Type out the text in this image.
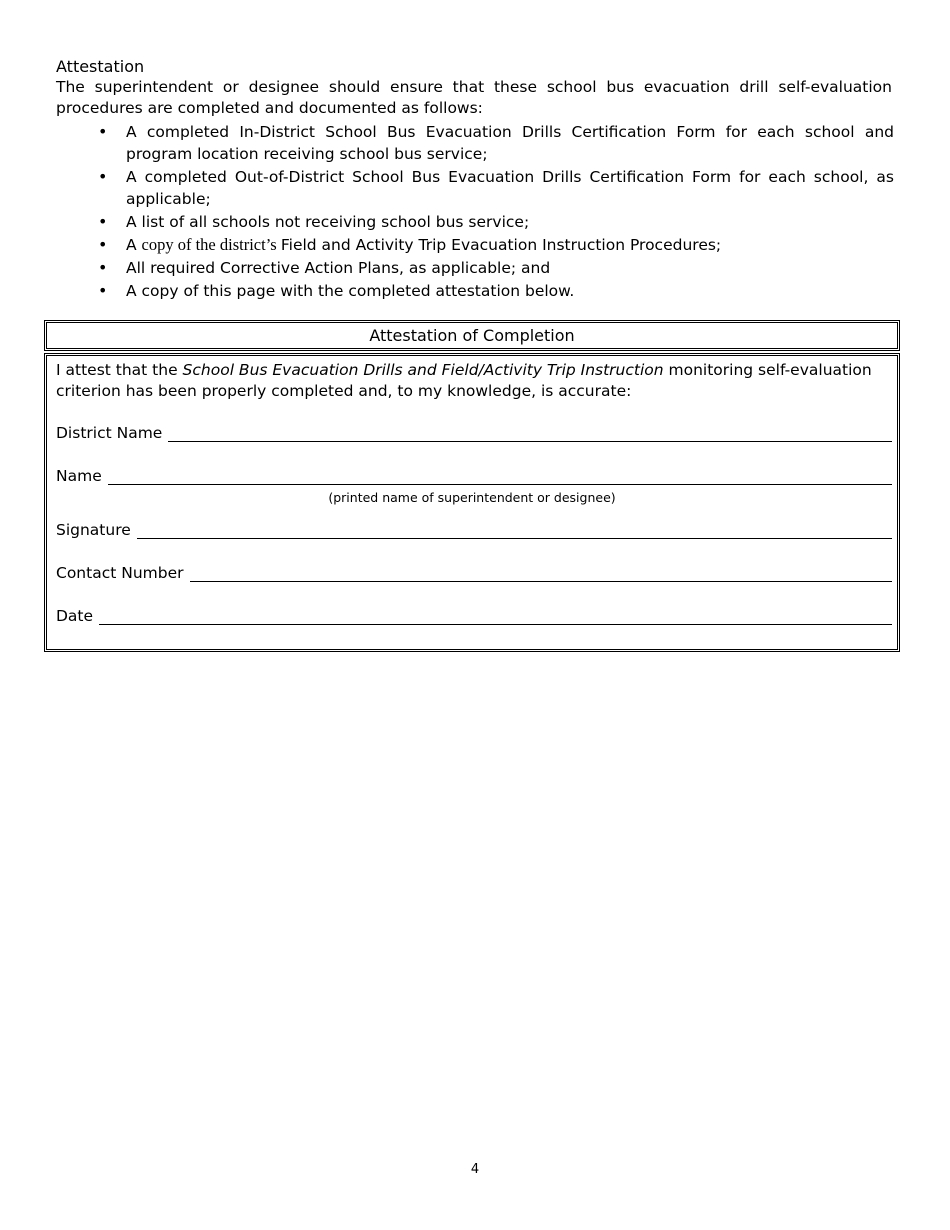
Attestation
The superintendent or designee should ensure that these school bus evacuation drill self-evaluation procedures are completed and documented as follows:
• A completed In-District School Bus Evacuation Drills Certification Form for each school and program location receiving school bus service;
• A completed Out-of-District School Bus Evacuation Drills Certification Form for each school, as applicable;
• A list of all schools not receiving school bus service;
• A copy of the district’s Field and Activity Trip Evacuation Instruction Procedures;
• All required Corrective Action Plans, as applicable; and
• A copy of this page with the completed attestation below.
Attestation of Completion
I attest that the School Bus Evacuation Drills and Field/Activity Trip Instruction monitoring self-evaluation criterion has been properly completed and, to my knowledge, is accurate:
District Name
Name
(printed name of superintendent or designee)
Signature
Contact Number
Date
4
